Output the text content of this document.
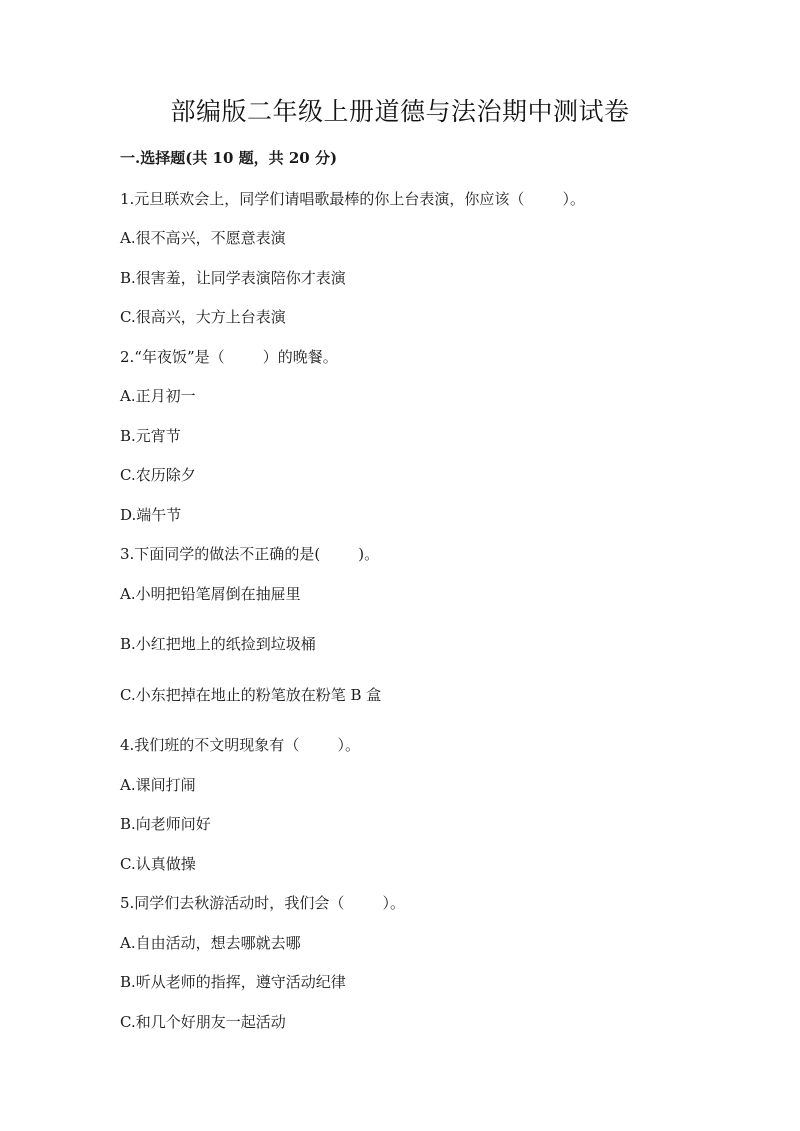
部编版二年级上册道德与法治期中测试卷
一.选择题(共 10 题，共 20 分)
1.元旦联欢会上，同学们请唱歌最棒的你上台表演，你应该（        ）。
A.很不高兴，不愿意表演
B.很害羞，让同学表演陪你才表演
C.很高兴，大方上台表演
2.“年夜饭”是（        ）的晚餐。
A.正月初一
B.元宵节
C.农历除夕
D.端午节
3.下面同学的做法不正确的是(        )。
A.小明把铅笔屑倒在抽屉里
B.小红把地上的纸捡到垃圾桶
C.小东把掉在地止的粉笔放在粉笔 B 盒
4.我们班的不文明现象有（        ）。
A.课间打闹
B.向老师问好
C.认真做操
5.同学们去秋游活动时，我们会（        ）。
A.自由活动，想去哪就去哪
B.听从老师的指挥，遵守活动纪律
C.和几个好朋友一起活动
